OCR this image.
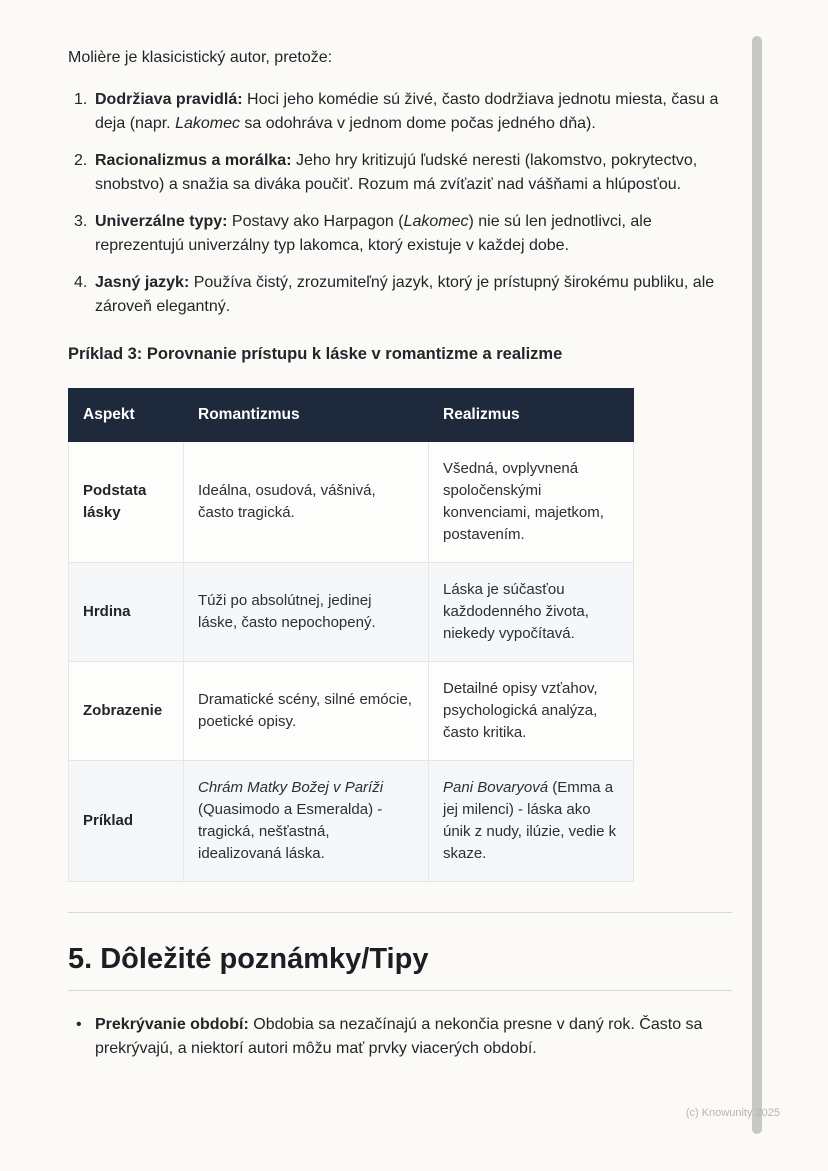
Molière je klasicistický autor, pretože:

Dodržiava pravidlá: Hoci jeho komédie sú živé, často dodržiava jednotu miesta, času a deja (napr. Lakomec sa odohráva v jednom dome počas jedného dňa).
Racionalizmus a morálka: Jeho hry kritizujú ľudské neresti (lakomstvo, pokrytectvo, snobstvo) a snažia sa diváka poučiť. Rozum má zvíťaziť nad vášňami a hlúposťou.
Univerzálne typy: Postavy ako Harpagon (Lakomec) nie sú len jednotlivci, ale reprezentujú univerzálny typ lakomca, ktorý existuje v každej dobe.
Jasný jazyk: Používa čistý, zrozumiteľný jazyk, ktorý je prístupný širokému publiku, ale zároveň elegantný.

Príklad 3: Porovnanie prístupu k láske v romantizme a realizme

Aspekt	Romantizmus	Realizmus
Podstata lásky	Ideálna, osudová, vášnivá, často tragická.	Všedná, ovplyvnená spoločenskými konvenciami, majetkom, postavením.
Hrdina	Túži po absolútnej, jedinej láske, často nepochopený.	Láska je súčasťou každodenného života, niekedy vypočítavá.
Zobrazenie	Dramatické scény, silné emócie, poetické opisy.	Detailné opisy vzťahov, psychologická analýza, často kritika.
Príklad	Chrám Matky Božej v Paríži (Quasimodo a Esmeralda) - tragická, nešťastná, idealizovaná láska.	Pani Bovaryová (Emma a jej milenci) - láska ako únik z nudy, ilúzie, vedie k skaze.
5. Dôležité poznámky/Tipy
• Prekrývanie období: Obdobia sa nezačínajú a nekončia presne v daný rok. Často sa prekrývajú, a niektorí autori môžu mať prvky viacerých období.
(c) Knowunity 2025
